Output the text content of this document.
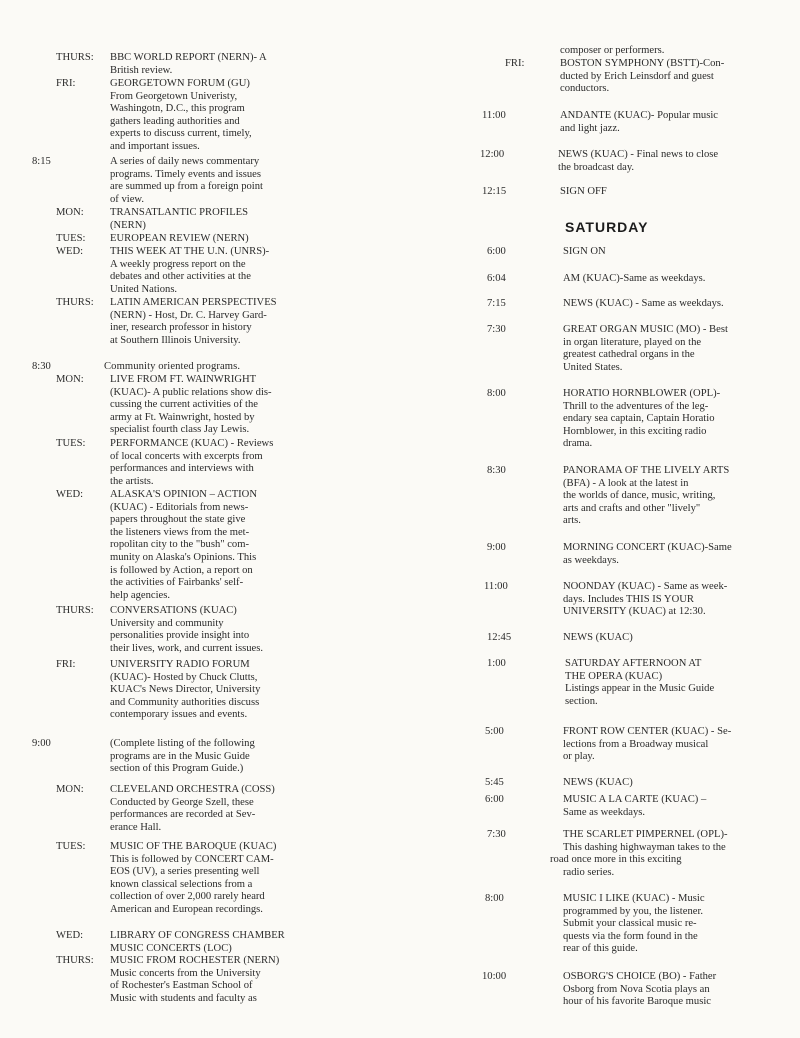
THURS: BBC WORLD REPORT (NERN)- A
British review.
FRI:	GEORGETOWN FORUM (GU)
From Georgetown Univeristy,
Washingotn, D.C., this program
gathers leading authorities and
experts to discuss current, timely,
and important issues.
8:15	A series of daily news commentary
programs. Timely events and issues
are summed up from a foreign point
of view.
MON: TRANSATLANTIC PROFILES
(NERN)
TUES: EUROPEAN REVIEW (NERN)
WED:	THIS WEEK AT THE U.N. (UNRS)-
A weekly progress report on the
debates and other activities at the
United Nations.
THURS: LATIN AMERICAN PERSPECTIVES
(NERN) - Host, Dr. C. Harvey Gard-
iner, research professor in history
at Southern Illinois University.
8:30	Community oriented programs.
MON: LIVE FROM FT. WAINWRIGHT
(KUAC)- A public relations show dis-
cussing the current activities of the
army at Ft. Wainwright, hosted by
specialist fourth class Jay Lewis.
TUES: PERFORMANCE (KUAC) - Reviews
of local concerts with excerpts from
performances and interviews with
the artists.
WED:	ALASKA'S OPINION – ACTION
(KUAC) - Editorials from news-
papers throughout the state give
the listeners views from the met-
ropolitan city to the "bush" com-
munity on Alaska's Opinions. This
is followed by Action, a report on
the activities of Fairbanks' self-
help agencies.
THURS: CONVERSATIONS (KUAC)
University and community
personalities provide insight into
their lives, work, and current issues.
FRI:	UNIVERSITY RADIO FORUM
(KUAC)- Hosted by Chuck Clutts,
KUAC's News Director, University
and Community authorities discuss
contemporary issues and events.
9:00	(Complete listing of the following
programs are in the Music Guide
section of this Program Guide.)
MON: CLEVELAND ORCHESTRA (COSS)
Conducted by George Szell, these
performances are recorded at Sev-
erance Hall.
TUES: MUSIC OF THE BAROQUE (KUAC)
This is followed by CONCERT CAM-
EOS (UV), a series presenting well
known classical selections from a
collection of over 2,000 rarely heard
American and European recordings.
WED:	LIBRARY OF CONGRESS CHAMBER
MUSIC CONCERTS (LOC)
THURS: MUSIC FROM ROCHESTER (NERN)
Music concerts from the University
of Rochester's Eastman School of
Music with students and faculty as
composer or performers.
FRI:	BOSTON SYMPHONY (BSTT)-Con-
ducted by Erich Leinsdorf and guest
conductors.
11:00	ANDANTE (KUAC)- Popular music
and light jazz.
12:00	NEWS (KUAC) - Final news to close
the broadcast day.
12:15	SIGN OFF
SATURDAY
6:00	SIGN ON
6:04	AM (KUAC)-Same as weekdays.
7:15	NEWS (KUAC) - Same as weekdays.
7:30	GREAT ORGAN MUSIC (MO) - Best
in organ literature, played on the
greatest cathedral organs in the
United States.
8:00	HORATIO HORNBLOWER (OPL)-
Thrill to the adventures of the leg-
endary sea captain, Captain Horatio
Hornblower, in this exciting radio
drama.
8:30	PANORAMA OF THE LIVELY ARTS
(BFA) - A look at the latest in
the worlds of dance, music, writing,
arts and crafts and other "lively"
arts.
9:00	MORNING CONCERT (KUAC)-Same
as weekdays.
11:00	NOONDAY (KUAC) - Same as week-
days. Includes THIS IS YOUR
UNIVERSITY (KUAC) at 12:30.
12:45	NEWS (KUAC)
1:00	SATURDAY AFTERNOON AT
THE OPERA (KUAC)
Listings appear in the Music Guide
section.
5:00	FRONT ROW CENTER (KUAC) - Se-
lections from a Broadway musical
or play.
5:45	NEWS (KUAC)
6:00	MUSIC A LA CARTE (KUAC) –
Same as weekdays.
7:30	THE SCARLET PIMPERNEL (OPL)-
This dashing highwayman takes to the
road once more in this exciting
radio series.
8:00	MUSIC I LIKE (KUAC) - Music
programmed by you, the listener.
Submit your classical music re-
quests via the form found in the
rear of this guide.
10:00	OSBORG'S CHOICE (BO) - Father
Osborg from Nova Scotia plays an
hour of his favorite Baroque music
